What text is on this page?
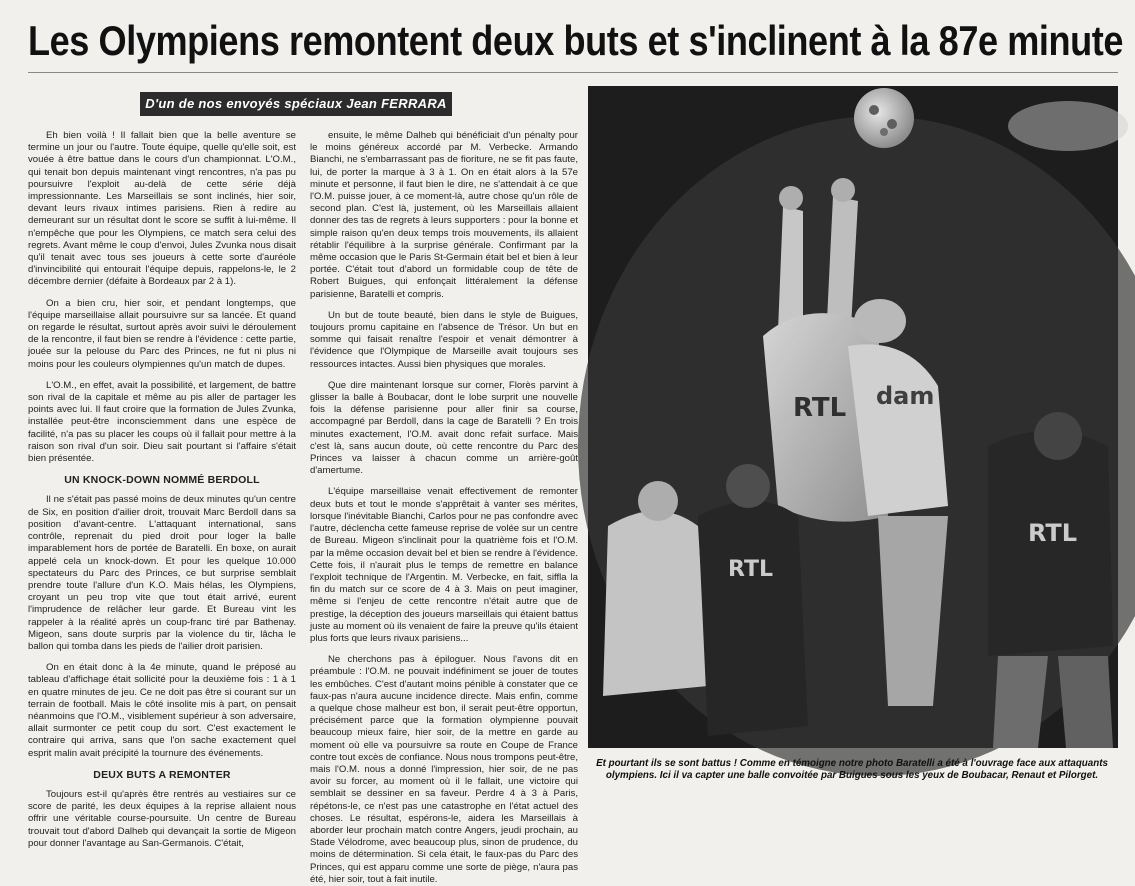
Les Olympiens remontent deux buts et s'inclinent à la 87e minute
D'un de nos envoyés spéciaux Jean FERRARA

Eh bien voilà ! Il fallait bien que la belle aventure se termine un jour ou l'autre. Toute équipe, quelle qu'elle soit, est vouée à être battue dans le cours d'un championnat. L'O.M., qui tenait bon depuis maintenant vingt rencontres, n'a pas pu poursuivre l'exploit au-delà de cette série déjà impressionnante. Les Marseillais se sont inclinés, hier soir, devant leurs rivaux intimes parisiens. Rien à redire au demeurant sur un résultat dont le score se suffit à lui-même. Il n'empêche que pour les Olympiens, ce match sera celui des regrets. Avant même le coup d'envoi, Jules Zvunka nous disait qu'il tenait avec tous ses joueurs à cette sorte d'auréole d'invincibilité qui entourait l'équipe depuis, rappelons-le, le 2 décembre dernier (défaite à Bordeaux par 2 à 1).

On a bien cru, hier soir, et pendant longtemps, que l'équipe marseillaise allait poursuivre sur sa lancée. Et quand on regarde le résultat, surtout après avoir suivi le déroulement de la rencontre, il faut bien se rendre à l'évidence : cette partie, jouée sur la pelouse du Parc des Princes, ne fut ni plus ni moins pour les couleurs olympiennes qu'un match de dupes.

L'O.M., en effet, avait la possibilité, et largement, de battre son rival de la capitale et même au pis aller de partager les points avec lui. Il faut croire que la formation de Jules Zvunka, installée peut-être inconsciemment dans une espèce de facilité, n'a pas su placer les coups où il fallait pour mettre à la raison son rival d'un soir. Dieu sait pourtant si l'affaire s'était bien présentée.

UN KNOCK-DOWN NOMMÉ BERDOLL

Il ne s'était pas passé moins de deux minutes qu'un centre de Six, en position d'ailier droit, trouvait Marc Berdoll dans sa position d'avant-centre. L'attaquant international, sans contrôle, reprenait du pied droit pour loger la balle imparablement hors de portée de Baratelli. En boxe, on aurait appelé cela un knock-down. Et pour les quelque 10.000 spectateurs du Parc des Princes, ce but surprise semblait prendre toute l'allure d'un K.O. Mais hélas, les Olympiens, croyant un peu trop vite que tout était arrivé, eurent l'imprudence de relâcher leur garde. Et Bureau vint les rappeler à la réalité après un coup-franc tiré par Bathenay. Migeon, sans doute surpris par la violence du tir, lâcha le ballon qui tomba dans les pieds de l'ailier droit parisien.

On en était donc à la 4e minute, quand le préposé au tableau d'affichage était sollicité pour la deuxième fois : 1 à 1 en quatre minutes de jeu. Ce ne doit pas être si courant sur un terrain de football. Mais le côté insolite mis à part, on pensait néanmoins que l'O.M., visiblement supérieur à son adversaire, allait surmonter ce petit coup du sort. C'est exactement le contraire qui arriva, sans que l'on sache exactement quel esprit malin avait précipité la tournure des événements.

DEUX BUTS A REMONTER

Toujours est-il qu'après être rentrés au vestiaires sur ce score de parité, les deux équipes à la reprise allaient nous offrir une véritable course-poursuite. Un centre de Bureau trouvait tout d'abord Dalheb qui devançait la sortie de Migeon pour donner l'avantage au San-Germanois. C'était,

ensuite, le même Dalheb qui bénéficiait d'un pénalty pour le moins généreux accordé par M. Verbecke. Armando Bianchi, ne s'embarrassant pas de fioriture, ne se fit pas faute, lui, de porter la marque à 3 à 1. On en était alors à la 57e minute et personne, il faut bien le dire, ne s'attendait à ce que l'O.M. puisse jouer, à ce moment-là, autre chose qu'un rôle de second plan. C'est là, justement, où les Marseillais allaient donner des tas de regrets à leurs supporters : pour la bonne et simple raison qu'en deux temps trois mouvements, ils allaient rétablir l'équilibre à la surprise générale. Confirmant par la même occasion que le Paris St-Germain était bel et bien à leur portée. C'était tout d'abord un formidable coup de tête de Robert Buigues, qui enfonçait littéralement la défense parisienne, Baratelli et compris.

Un but de toute beauté, bien dans le style de Buigues, toujours promu capitaine en l'absence de Trésor. Un but en somme qui faisait renaître l'espoir et venait démontrer à l'évidence que l'Olympique de Marseille avait toujours ses ressources intactes. Aussi bien physiques que morales.

Que dire maintenant lorsque sur corner, Florès parvint à glisser la balle à Boubacar, dont le lobe surprit une nouvelle fois la défense parisienne pour aller finir sa course, accompagné par Berdoll, dans la cage de Baratelli ? En trois minutes exactement, l'O.M. avait donc refait surface. Mais c'est là, sans aucun doute, où cette rencontre du Parc des Princes va laisser à chacun comme un arrière-goût d'amertume.

L'équipe marseillaise venait effectivement de remonter deux buts et tout le monde s'apprêtait à vanter ses mérites, lorsque l'inévitable Bianchi, Carlos pour ne pas confondre avec l'autre, déclencha cette fameuse reprise de volée sur un centre de Bureau. Migeon s'inclinait pour la quatrième fois et l'O.M. par la même occasion devait bel et bien se rendre à l'évidence. Cette fois, il n'aurait plus le temps de remettre en balance l'exploit technique de l'Argentin. M. Verbecke, en fait, siffla la fin du match sur ce score de 4 à 3. Mais on peut imaginer, même si l'enjeu de cette rencontre n'était autre que de prestige, la déception des joueurs marseillais qui étaient battus juste au moment où ils venaient de faire la preuve qu'ils étaient plus forts que leurs rivaux parisiens...

Ne cherchons pas à épiloguer. Nous l'avons dit en préambule : l'O.M. ne pouvait indéfiniment se jouer de toutes les embûches. C'est d'autant moins pénible à constater que ce faux-pas n'aura aucune incidence directe. Mais enfin, comme a quelque chose malheur est bon, il serait peut-être opportun, précisément parce que la formation olympienne pouvait beaucoup mieux faire, hier soir, de la mettre en garde au moment où elle va poursuivre sa route en Coupe de France contre tout excès de confiance. Nous nous trompons peut-être, mais l'O.M. nous a donné l'impression, hier soir, de ne pas avoir su forcer, au moment où il le fallait, une victoire qui semblait se dessiner en sa faveur. Perdre 4 à 3 à Paris, répétons-le, ce n'est pas une catastrophe en l'état actuel des choses. Le résultat, espérons-le, aidera les Marseillais à aborder leur prochain match contre Angers, jeudi prochain, au Stade Vélodrome, avec beaucoup plus, sinon de prudence, du moins de détermination. Si cela était, le faux-pas du Parc des Princes, qui est apparu comme une sorte de piège, n'aura pas été, hier soir, tout à fait inutile.

RTL dam
RTL
RTL
Et pourtant ils se sont battus ! Comme en témoigne notre photo Baratelli a été à l'ouvrage face aux attaquants olympiens. Ici il va capter une balle convoitée par Buigues sous les yeux de Boubacar, Renaut et Pilorget.
